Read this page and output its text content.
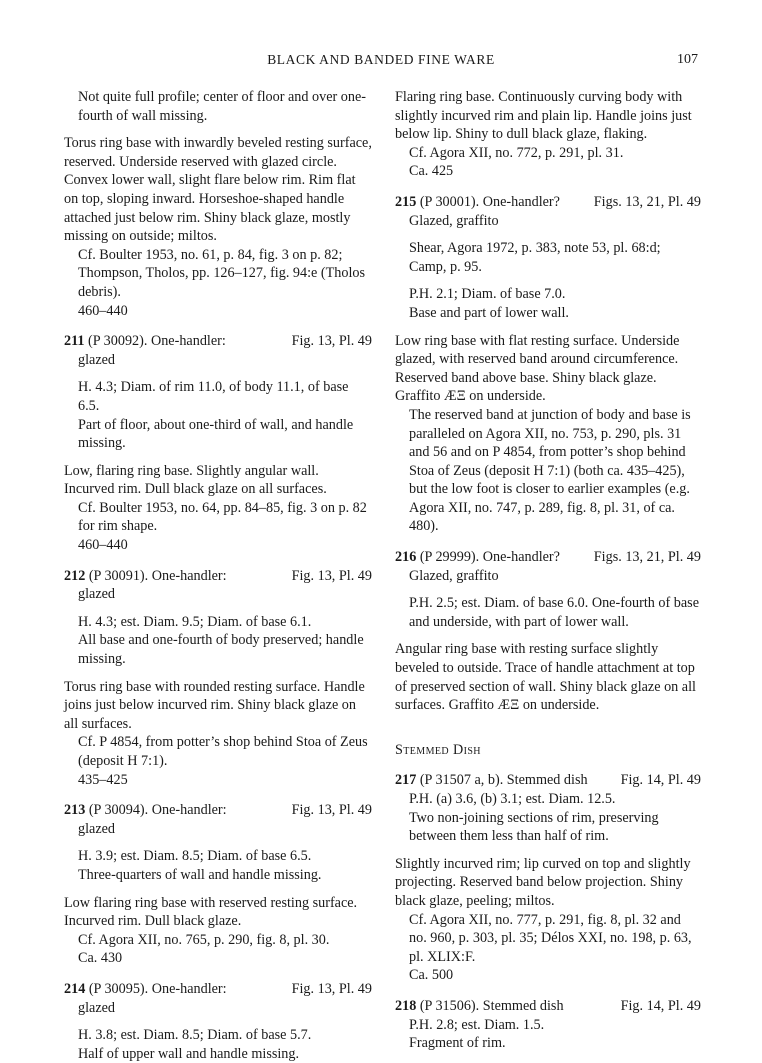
BLACK AND BANDED FINE WARE	107

Not quite full profile; center of floor and over one-fourth of wall missing.

Torus ring base with inwardly beveled resting surface, reserved. Underside reserved with glazed circle. Convex lower wall, slight flare below rim. Rim flat on top, sloping inward. Horseshoe-shaped handle attached just below rim. Shiny black glaze, mostly missing on outside; miltos.

Cf. Boulter 1953, no. 61, p. 84, fig. 3 on p. 82; Thompson, Tholos, pp. 126–127, fig. 94:e (Tholos debris).

460–440

211 (P 30092). One-handler:	Fig. 13, Pl. 49

glazed

H. 4.3; Diam. of rim 11.0, of body 11.1, of base 6.5.

Part of floor, about one-third of wall, and handle missing.

Low, flaring ring base. Slightly angular wall. Incurved rim. Dull black glaze on all surfaces.

Cf. Boulter 1953, no. 64, pp. 84–85, fig. 3 on p. 82 for rim shape.

460–440

212 (P 30091). One-handler:	Fig. 13, Pl. 49

glazed

H. 4.3; est. Diam. 9.5; Diam. of base 6.1.

All base and one-fourth of body preserved; handle missing.

Torus ring base with rounded resting surface. Handle joins just below incurved rim. Shiny black glaze on all surfaces.

Cf. P 4854, from potter’s shop behind Stoa of Zeus (deposit H 7:1).

435–425

213 (P 30094). One-handler:	Fig. 13, Pl. 49

glazed

H. 3.9; est. Diam. 8.5; Diam. of base 6.5.

Three-quarters of wall and handle missing.

Low flaring ring base with reserved resting surface. Incurved rim. Dull black glaze.

Cf. Agora XII, no. 765, p. 290, fig. 8, pl. 30.

Ca. 430

214 (P 30095). One-handler:	Fig. 13, Pl. 49

glazed

H. 3.8; est. Diam. 8.5; Diam. of base 5.7.

Half of upper wall and handle missing.

Flaring ring base. Continuously curving body with slightly incurved rim and plain lip. Handle joins just below lip. Shiny to dull black glaze, flaking.

Cf. Agora XII, no. 772, p. 291, pl. 31.

Ca. 425

215 (P 30001). One-handler? Figs. 13, 21, Pl. 49

Glazed, graffito

Shear, Agora 1972, p. 383, note 53, pl. 68:d; Camp, p. 95.

P.H. 2.1; Diam. of base 7.0.

Base and part of lower wall.

Low ring base with flat resting surface. Underside glazed, with reserved band around circumference. Reserved band above base. Shiny black glaze. Graffito ÆΞ on underside.

The reserved band at junction of body and base is paralleled on Agora XII, no. 753, p. 290, pls. 31 and 56 and on P 4854, from potter’s shop behind Stoa of Zeus (deposit H 7:1) (both ca. 435–425), but the low foot is closer to earlier examples (e.g. Agora XII, no. 747, p. 289, fig. 8, pl. 31, of ca. 480).

216 (P 29999). One-handler? Figs. 13, 21, Pl. 49

Glazed, graffito

P.H. 2.5; est. Diam. of base 6.0. One-fourth of base and underside, with part of lower wall.

Angular ring base with resting surface slightly beveled to outside. Trace of handle attachment at top of preserved section of wall. Shiny black glaze on all surfaces. Graffito ÆΞ on underside.

Stemmed Dish

217 (P 31507 a, b). Stemmed dish Fig. 14, Pl. 49

P.H. (a) 3.6, (b) 3.1; est. Diam. 12.5.

Two non-joining sections of rim, preserving between them less than half of rim.

Slightly incurved rim; lip curved on top and slightly projecting. Reserved band below projection. Shiny black glaze, peeling; miltos.

Cf. Agora XII, no. 777, p. 291, fig. 8, pl. 32 and no. 960, p. 303, pl. 35; Délos XXI, no. 198, p. 63, pl. XLIX:F.

Ca. 500

218 (P 31506). Stemmed dish	Fig. 14, Pl. 49

P.H. 2.8; est. Diam. 1.5.

Fragment of rim.
